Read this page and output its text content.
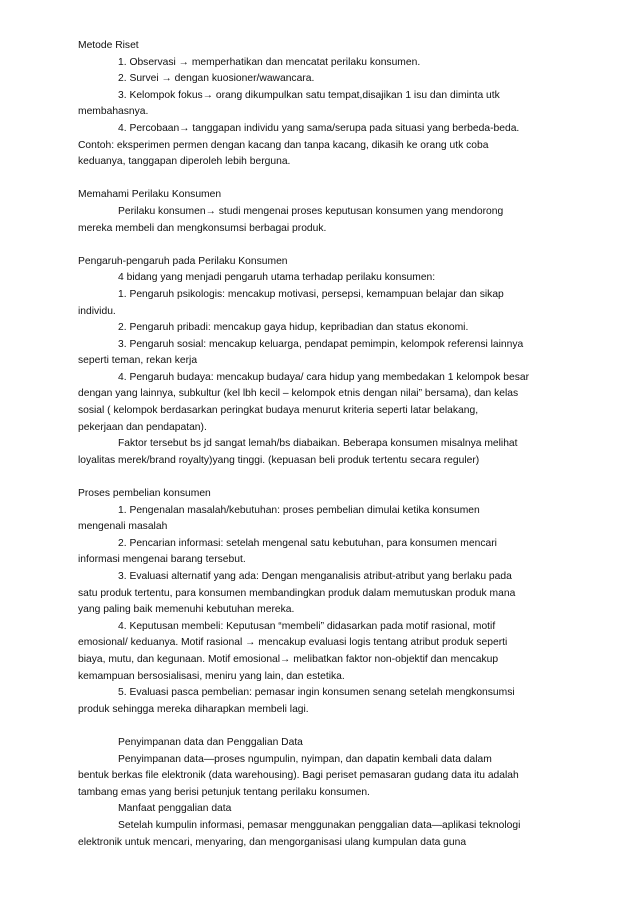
Metode Riset
1. Observasi → memperhatikan dan mencatat perilaku konsumen.
2. Survei → dengan kuosioner/wawancara.
3. Kelompok fokus→ orang dikumpulkan satu tempat,disajikan 1 isu dan diminta utk
membahasnya.
4. Percobaan→ tanggapan individu yang sama/serupa pada situasi yang berbeda-beda.
Contoh: eksperimen permen dengan kacang dan tanpa kacang, dikasih ke orang utk coba
keduanya, tanggapan diperoleh lebih berguna.
Memahami Perilaku Konsumen
Perilaku konsumen→ studi mengenai proses keputusan konsumen yang mendorong
mereka membeli dan mengkonsumsi berbagai produk.
Pengaruh-pengaruh pada Perilaku Konsumen
4 bidang yang menjadi pengaruh utama terhadap perilaku konsumen:
1. Pengaruh psikologis: mencakup motivasi, persepsi, kemampuan belajar dan sikap
individu.
2. Pengaruh pribadi: mencakup gaya hidup, kepribadian dan status ekonomi.
3. Pengaruh sosial: mencakup keluarga, pendapat pemimpin, kelompok referensi lainnya
seperti teman, rekan kerja
4. Pengaruh budaya: mencakup budaya/ cara hidup yang membedakan 1 kelompok besar
dengan yang lainnya, subkultur (kel lbh kecil – kelompok etnis dengan nilai” bersama), dan kelas
sosial ( kelompok berdasarkan peringkat budaya menurut kriteria seperti latar belakang,
pekerjaan dan pendapatan).
Faktor tersebut bs jd sangat lemah/bs diabaikan. Beberapa konsumen misalnya melihat
loyalitas merek/brand royalty)yang tinggi. (kepuasan beli produk tertentu secara reguler)
Proses pembelian konsumen
1. Pengenalan masalah/kebutuhan: proses pembelian dimulai ketika konsumen
mengenali masalah
2. Pencarian informasi: setelah mengenal satu kebutuhan, para konsumen mencari
informasi mengenai barang tersebut.
3. Evaluasi alternatif yang ada: Dengan menganalisis atribut-atribut yang berlaku pada
satu produk tertentu, para konsumen membandingkan produk dalam memutuskan produk mana
yang paling baik memenuhi kebutuhan mereka.
4. Keputusan membeli: Keputusan “membeli” didasarkan pada motif rasional, motif
emosional/ keduanya. Motif rasional → mencakup evaluasi logis tentang atribut produk seperti
biaya, mutu, dan kegunaan. Motif emosional→ melibatkan faktor non-objektif dan mencakup
kemampuan bersosialisasi, meniru yang lain, dan estetika.
5. Evaluasi pasca pembelian: pemasar ingin konsumen senang setelah mengkonsumsi
produk sehingga mereka diharapkan membeli lagi.
Penyimpanan data dan Penggalian Data
Penyimpanan data—proses ngumpulin, nyimpan, dan dapatin kembali data dalam
bentuk berkas file elektronik (data warehousing). Bagi periset pemasaran gudang data itu adalah
tambang emas yang berisi petunjuk tentang perilaku konsumen.
Manfaat penggalian data
Setelah kumpulin informasi, pemasar menggunakan penggalian data—aplikasi teknologi
elektronik untuk mencari, menyaring, dan mengorganisasi ulang kumpulan data guna
